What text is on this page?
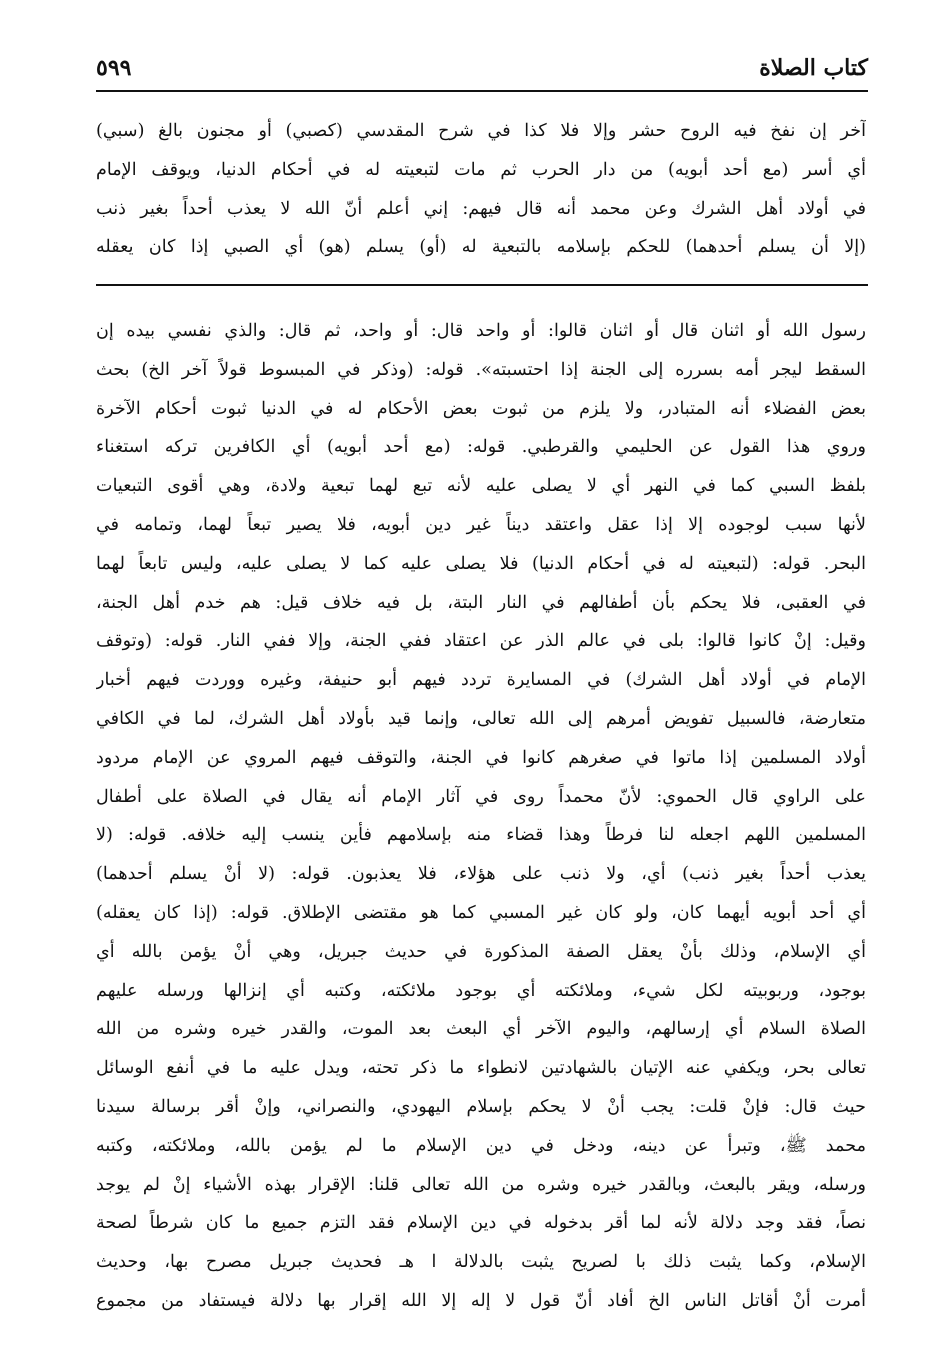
كتاب الصلاة
٥٩٩
آخر إن نفخ فيه الروح حشر وإلا فلا كذا في شرح المقدسي (كصبي) أو مجنون بالغ (سبي)
أي أسر (مع أحد أبويه) من دار الحرب ثم مات لتبعيته له في أحكام الدنيا، ويوقف الإمام
في أولاد أهل الشرك وعن محمد أنه قال فيهم: إني أعلم أنّ الله لا يعذب أحداً بغير ذنب
(إلا أن يسلم أحدهما) للحكم بإسلامه بالتبعية له (أو) يسلم (هو) أي الصبي إذا كان يعقله
رسول الله أو اثنان قال أو اثنان قالوا: أو واحد قال: أو واحد، ثم قال: والذي نفسي بيده إن
السقط ليجر أمه بسرره إلى الجنة إذا احتسبته». قوله: (وذكر في المبسوط قولاً آخر الخ) بحث
بعض الفضلاء أنه المتبادر، ولا يلزم من ثبوت بعض الأحكام له في الدنيا ثبوت أحكام الآخرة
وروي هذا القول عن الحليمي والقرطبي. قوله: (مع أحد أبويه) أي الكافرين تركه استغناء
بلفظ السبي كما في النهر أي لا يصلى عليه لأنه تبع لهما تبعية ولادة، وهي أقوى التبعيات
لأنها سبب لوجوده إلا إذا عقل واعتقد ديناً غير دين أبويه، فلا يصير تبعاً لهما، وتمامه في
البحر. قوله: (لتبعيته له في أحكام الدنيا) فلا يصلى عليه كما لا يصلى عليه، وليس تابعاً لهما
في العقبى، فلا يحكم بأن أطفالهم في النار البتة، بل فيه خلاف قيل: هم خدم أهل الجنة،
وقيل: إنْ كانوا قالوا: بلى في عالم الذر عن اعتقاد ففي الجنة، وإلا ففي النار. قوله: (وتوقف
الإمام في أولاد أهل الشرك) في المسايرة تردد فيهم أبو حنيفة، وغيره ووردت فيهم أخبار
متعارضة، فالسبيل تفويض أمرهم إلى الله تعالى، وإنما قيد بأولاد أهل الشرك، لما في الكافي
أولاد المسلمين إذا ماتوا في صغرهم كانوا في الجنة، والتوقف فيهم المروي عن الإمام مردود
على الراوي قال الحموي: لأنّ محمداً روى في آثار الإمام أنه يقال في الصلاة على أطفال
المسلمين اللهم اجعله لنا فرطاً وهذا قضاء منه بإسلامهم فأين ينسب إليه خلافه. قوله: (لا
يعذب أحداً بغير ذنب) أي، ولا ذنب على هؤلاء، فلا يعذبون. قوله: (لا أنْ يسلم أحدهما)
أي أحد أبويه أيهما كان، ولو كان غير المسبي كما هو مقتضى الإطلاق. قوله: (إذا كان يعقله)
أي الإسلام، وذلك بأنْ يعقل الصفة المذكورة في حديث جبريل، وهي أنْ يؤمن بالله أي
بوجود، وربوبيته لكل شيء، وملائكته أي بوجود ملائكته، وكتبه أي إنزالها ورسله عليهم
الصلاة السلام أي إرسالهم، واليوم الآخر أي البعث بعد الموت، والقدر خيره وشره من الله
تعالى بحر، ويكفي عنه الإتيان بالشهادتين لانطواء ما ذكر تحته، ويدل عليه ما في أنفع الوسائل
حيث قال: فإنْ قلت: يجب أنْ لا يحكم بإسلام اليهودي، والنصراني، وإنْ أقر برسالة سيدنا
محمد ﷺ، وتبرأ عن دينه، ودخل في دين الإسلام ما لم يؤمن بالله، وملائكته، وكتبه
ورسله، ويقر بالبعث، وبالقدر خيره وشره من الله تعالى قلنا: الإقرار بهذه الأشياء إنْ لم يوجد
نصاً، فقد وجد دلالة لأنه لما أقر بدخوله في دين الإسلام فقد التزم جميع ما كان شرطاً لصحة
الإسلام، وكما يثبت ذلك با لصريح يثبت بالدلالة ا هـ فحديث جبريل مصرح بها، وحديث
أمرت أنْ أقاتل الناس الخ أفاد أنّ قول لا إله إلا الله إقرار بها دلالة فيستفاد من مجموع
